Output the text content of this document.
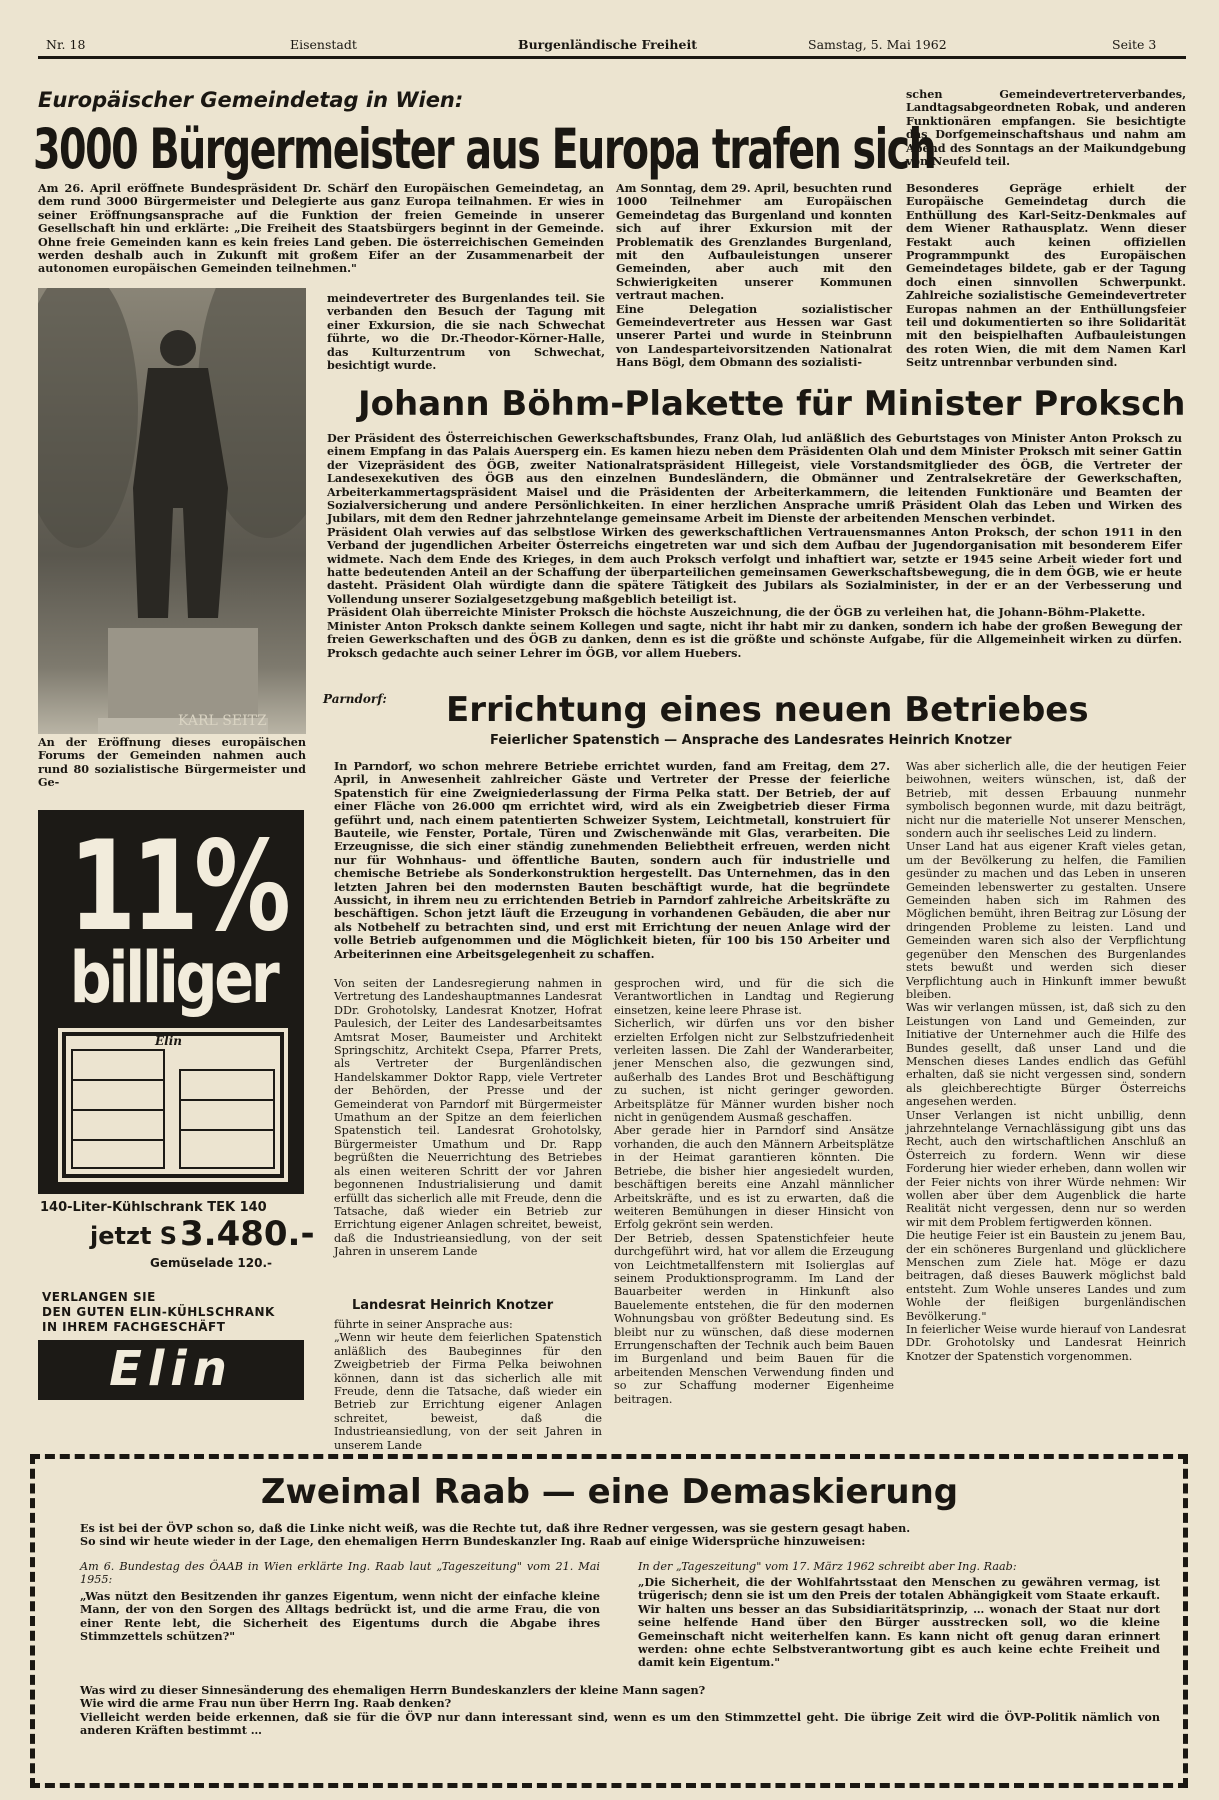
Nr. 18	Eisenstadt	Burgenländische Freiheit	Samstag, 5. Mai 1962	Seite 3
Europäischer Gemeindetag in Wien:
3000 Bürgermeister aus Europa trafen sich
Am 26. April eröffnete Bundespräsident Dr. Schärf den Europäischen Gemeindetag, an dem rund 3000 Bürgermeister und Delegierte aus ganz Europa teilnahmen. Er wies in seiner Eröffnungsansprache auf die Funktion der freien Gemeinde in unserer Gesellschaft hin und erklärte: „Die Freiheit des Staatsbürgers beginnt in der Gemeinde. Ohne freie Gemeinden kann es kein freies Land geben. Die österreichischen Gemeinden werden deshalb auch in Zukunft mit großem Eifer an der Zusammenarbeit der autonomen europäischen Gemeinden teilnehmen."
KARL SEITZ
An der Eröffnung dieses europäischen Forums der Gemeinden nahmen auch rund 80 sozialistische Bürgermeister und Ge-
meindevertreter des Burgenlandes teil. Sie verbanden den Besuch der Tagung mit einer Exkursion, die sie nach Schwechat führte, wo die Dr.-Theodor-Körner-Halle, das Kulturzentrum von Schwechat, besichtigt wurde.
Am Sonntag, dem 29. April, besuchten rund 1000 Teilnehmer am Europäischen Gemeindetag das Burgenland und konnten sich auf ihrer Exkursion mit der Problematik des Grenzlandes Burgenland, mit den Aufbauleistungen unserer Gemeinden, aber auch mit den Schwierigkeiten unserer Kommunen vertraut machen.
Eine Delegation sozialistischer Gemeindevertreter aus Hessen war Gast unserer Partei und wurde in Steinbrunn von Landesparteivorsitzenden Nationalrat Hans Bögl, dem Obmann des sozialisti-
schen Gemeindevertreterverbandes, Landtagsabgeordneten Robak, und anderen Funktionären empfangen. Sie besichtigte das Dorfgemeinschaftshaus und nahm am Abend des Sonntags an der Maikundgebung von Neufeld teil.
Besonderes Gepräge erhielt der Europäische Gemeindetag durch die Enthüllung des Karl-Seitz-Denkmales auf dem Wiener Rathausplatz. Wenn dieser Festakt auch keinen offiziellen Programmpunkt des Europäischen Gemeindetages bildete, gab er der Tagung doch einen sinnvollen Schwerpunkt. Zahlreiche sozialistische Gemeindevertreter Europas nahmen an der Enthüllungsfeier teil und dokumentierten so ihre Solidarität mit den beispielhaften Aufbauleistungen des roten Wien, die mit dem Namen Karl Seitz untrennbar verbunden sind.
Johann Böhm-Plakette für Minister Proksch
Der Präsident des Österreichischen Gewerkschaftsbundes, Franz Olah, lud anläßlich des Geburtstages von Minister Anton Proksch zu einem Empfang in das Palais Auersperg ein. Es kamen hiezu neben dem Präsidenten Olah und dem Minister Proksch mit seiner Gattin der Vizepräsident des ÖGB, zweiter Nationalratspräsident Hillegeist, viele Vorstandsmitglieder des ÖGB, die Vertreter der Landesexekutiven des ÖGB aus den einzelnen Bundesländern, die Obmänner und Zentralsekretäre der Gewerkschaften, Arbeiterkammertagspräsident Maisel und die Präsidenten der Arbeiterkammern, die leitenden Funktionäre und Beamten der Sozialversicherung und andere Persönlichkeiten. In einer herzlichen Ansprache umriß Präsident Olah das Leben und Wirken des Jubilars, mit dem den Redner jahrzehntelange gemeinsame Arbeit im Dienste der arbeitenden Menschen verbindet.
Präsident Olah verwies auf das selbstlose Wirken des gewerkschaftlichen Vertrauensmannes Anton Proksch, der schon 1911 in den Verband der jugendlichen Arbeiter Österreichs eingetreten war und sich dem Aufbau der Jugendorganisation mit besonderem Eifer widmete. Nach dem Ende des Krieges, in dem auch Proksch verfolgt und inhaftiert war, setzte er 1945 seine Arbeit wieder fort und hatte bedeutenden Anteil an der Schaffung der überparteilichen gemeinsamen Gewerkschaftsbewegung, die in dem ÖGB, wie er heute dasteht. Präsident Olah würdigte dann die spätere Tätigkeit des Jubilars als Sozialminister, in der er an der Verbesserung und Vollendung unserer Sozialgesetzgebung maßgeblich beteiligt ist.
Präsident Olah überreichte Minister Proksch die höchste Auszeichnung, die der ÖGB zu verleihen hat, die Johann-Böhm-Plakette.
Minister Anton Proksch dankte seinem Kollegen und sagte, nicht ihr habt mir zu danken, sondern ich habe der großen Bewegung der freien Gewerkschaften und des ÖGB zu danken, denn es ist die größte und schönste Aufgabe, für die Allgemeinheit wirken zu dürfen. Proksch gedachte auch seiner Lehrer im ÖGB, vor allem Huebers.
Parndorf: Errichtung eines neuen Betriebes
Feierlicher Spatenstich — Ansprache des Landesrates Heinrich Knotzer
In Parndorf, wo schon mehrere Betriebe errichtet wurden, fand am Freitag, dem 27. April, in Anwesenheit zahlreicher Gäste und Vertreter der Presse der feierliche Spatenstich für eine Zweigniederlassung der Firma Pelka statt. Der Betrieb, der auf einer Fläche von 26.000 qm errichtet wird, wird als ein Zweigbetrieb dieser Firma geführt und, nach einem patentierten Schweizer System, Leichtmetall, konstruiert für Bauteile, wie Fenster, Portale, Türen und Zwischenwände mit Glas, verarbeiten. Die Erzeugnisse, die sich einer ständig zunehmenden Beliebtheit erfreuen, werden nicht nur für Wohnhaus- und öffentliche Bauten, sondern auch für industrielle und chemische Betriebe als Sonderkonstruktion hergestellt. Das Unternehmen, das in den letzten Jahren bei den modernsten Bauten beschäftigt wurde, hat die begründete Aussicht, in ihrem neu zu errichtenden Betrieb in Parndorf zahlreiche Arbeitskräfte zu beschäftigen. Schon jetzt läuft die Erzeugung in vorhandenen Gebäuden, die aber nur als Notbehelf zu betrachten sind, und erst mit Errichtung der neuen Anlage wird der volle Betrieb aufgenommen und die Möglichkeit bieten, für 100 bis 150 Arbeiter und Arbeiterinnen eine Arbeitsgelegenheit zu schaffen.
Von seiten der Landesregierung nahmen in Vertretung des Landeshauptmannes Landesrat DDr. Grohotolsky, Landesrat Knotzer, Hofrat Paulesich, der Leiter des Landesarbeitsamtes Amtsrat Moser, Baumeister und Architekt Springschitz, Architekt Csepa, Pfarrer Prets, als Vertreter der Burgenländischen Handelskammer Doktor Rapp, viele Vertreter der Behörden, der Presse und der Gemeinderat von Parndorf mit Bürgermeister Umathum an der Spitze an dem feierlichen Spatenstich teil. Landesrat Grohotolsky, Bürgermeister Umathum und Dr. Rapp begrüßten die Neuerrichtung des Betriebes als einen weiteren Schritt der vor Jahren begonnenen Industrialisierung und damit erfüllt das sicherlich alle mit Freude, denn die Tatsache, daß wieder ein Betrieb zur Errichtung eigener Anlagen schreitet, beweist, daß die Industrieansiedlung, von der seit Jahren in unserem Lande
Landesrat Heinrich Knotzer
führte in seiner Ansprache aus:
„Wenn wir heute dem feierlichen Spatenstich anläßlich des Baubeginnes für den Zweigbetrieb der Firma Pelka beiwohnen können, dann ist das sicherlich alle mit Freude, denn die Tatsache, daß wieder ein Betrieb zur Errichtung eigener Anlagen schreitet, beweist, daß die Industrieansiedlung, von der seit Jahren in unserem Lande
gesprochen wird, und für die sich die Verantwortlichen in Landtag und Regierung einsetzen, keine leere Phrase ist.
Sicherlich, wir dürfen uns vor den bisher erzielten Erfolgen nicht zur Selbstzufriedenheit verleiten lassen. Die Zahl der Wanderarbeiter, jener Menschen also, die gezwungen sind, außerhalb des Landes Brot und Beschäftigung zu suchen, ist nicht geringer geworden. Arbeitsplätze für Männer wurden bisher noch nicht in genügendem Ausmaß geschaffen.
Aber gerade hier in Parndorf sind Ansätze vorhanden, die auch den Männern Arbeitsplätze in der Heimat garantieren könnten. Die Betriebe, die bisher hier angesiedelt wurden, beschäftigen bereits eine Anzahl männlicher Arbeitskräfte, und es ist zu erwarten, daß die weiteren Bemühungen in dieser Hinsicht von Erfolg gekrönt sein werden.
Der Betrieb, dessen Spatenstichfeier heute durchgeführt wird, hat vor allem die Erzeugung von Leichtmetallfenstern mit Isolierglas auf seinem Produktionsprogramm. Im Land der Bauarbeiter werden in Hinkunft also Bauelemente entstehen, die für den modernen Wohnungsbau von größter Bedeutung sind. Es bleibt nur zu wünschen, daß diese modernen Errungenschaften der Technik auch beim Bauen im Burgenland und beim Bauen für die arbeitenden Menschen Verwendung finden und so zur Schaffung moderner Eigenheime beitragen.
Was aber sicherlich alle, die der heutigen Feier beiwohnen, weiters wünschen, ist, daß der Betrieb, mit dessen Erbauung nunmehr symbolisch begonnen wurde, mit dazu beiträgt, nicht nur die materielle Not unserer Menschen, sondern auch ihr seelisches Leid zu lindern.
Unser Land hat aus eigener Kraft vieles getan, um der Bevölkerung zu helfen, die Familien gesünder zu machen und das Leben in unseren Gemeinden lebenswerter zu gestalten. Unsere Gemeinden haben sich im Rahmen des Möglichen bemüht, ihren Beitrag zur Lösung der dringenden Probleme zu leisten. Land und Gemeinden waren sich also der Verpflichtung gegenüber den Menschen des Burgenlandes stets bewußt und werden sich dieser Verpflichtung auch in Hinkunft immer bewußt bleiben.
Was wir verlangen müssen, ist, daß sich zu den Leistungen von Land und Gemeinden, zur Initiative der Unternehmer auch die Hilfe des Bundes gesellt, daß unser Land und die Menschen dieses Landes endlich das Gefühl erhalten, daß sie nicht vergessen sind, sondern als gleichberechtigte Bürger Österreichs angesehen werden.
Unser Verlangen ist nicht unbillig, denn jahrzehntelange Vernachlässigung gibt uns das Recht, auch den wirtschaftlichen Anschluß an Österreich zu fordern. Wenn wir diese Forderung hier wieder erheben, dann wollen wir der Feier nichts von ihrer Würde nehmen: Wir wollen aber über dem Augenblick die harte Realität nicht vergessen, denn nur so werden wir mit dem Problem fertigwerden können.
Die heutige Feier ist ein Baustein zu jenem Bau, der ein schöneres Burgenland und glücklichere Menschen zum Ziele hat. Möge er dazu beitragen, daß dieses Bauwerk möglichst bald entsteht. Zum Wohle unseres Landes und zum Wohle der fleißigen burgenländischen Bevölkerung."
In feierlicher Weise wurde hierauf von Landesrat DDr. Grohotolsky und Landesrat Heinrich Knotzer der Spatenstich vorgenommen.
11%
billiger
Elin
140-Liter-Kühlschrank TEK 140
jetzt S 3.480.-
Gemüselade 120.-
VERLANGEN SIE
DEN GUTEN ELIN-KÜHLSCHRANK
IN IHREM FACHGESCHÄFT
Elin
Zweimal Raab — eine Demaskierung
Es ist bei der ÖVP schon so, daß die Linke nicht weiß, was die Rechte tut, daß ihre Redner vergessen, was sie gestern gesagt haben.
So sind wir heute wieder in der Lage, den ehemaligen Herrn Bundeskanzler Ing. Raab auf einige Widersprüche hinzuweisen:
Am 6. Bundestag des ÖAAB in Wien erklärte Ing. Raab laut „Tageszeitung" vom 21. Mai 1955:
„Was nützt den Besitzenden ihr ganzes Eigentum, wenn nicht der einfache kleine Mann, der von den Sorgen des Alltags bedrückt ist, und die arme Frau, die von einer Rente lebt, die Sicherheit des Eigentums durch die Abgabe ihres Stimmzettels schützen?"
In der „Tageszeitung" vom 17. März 1962 schreibt aber Ing. Raab:
„Die Sicherheit, die der Wohlfahrtsstaat den Menschen zu gewähren vermag, ist trügerisch; denn sie ist um den Preis der totalen Abhängigkeit vom Staate erkauft. Wir halten uns besser an das Subsidiaritätsprinzip, … wonach der Staat nur dort seine helfende Hand über den Bürger ausstrecken soll, wo die kleine Gemeinschaft nicht weiterhelfen kann. Es kann nicht oft genug daran erinnert werden: ohne echte Selbstverantwortung gibt es auch keine echte Freiheit und damit kein Eigentum."
Was wird zu dieser Sinnesänderung des ehemaligen Herrn Bundeskanzlers der kleine Mann sagen?
Wie wird die arme Frau nun über Herrn Ing. Raab denken?
Vielleicht werden beide erkennen, daß sie für die ÖVP nur dann interessant sind, wenn es um den Stimmzettel geht. Die übrige Zeit wird die ÖVP-Politik nämlich von anderen Kräften bestimmt …
